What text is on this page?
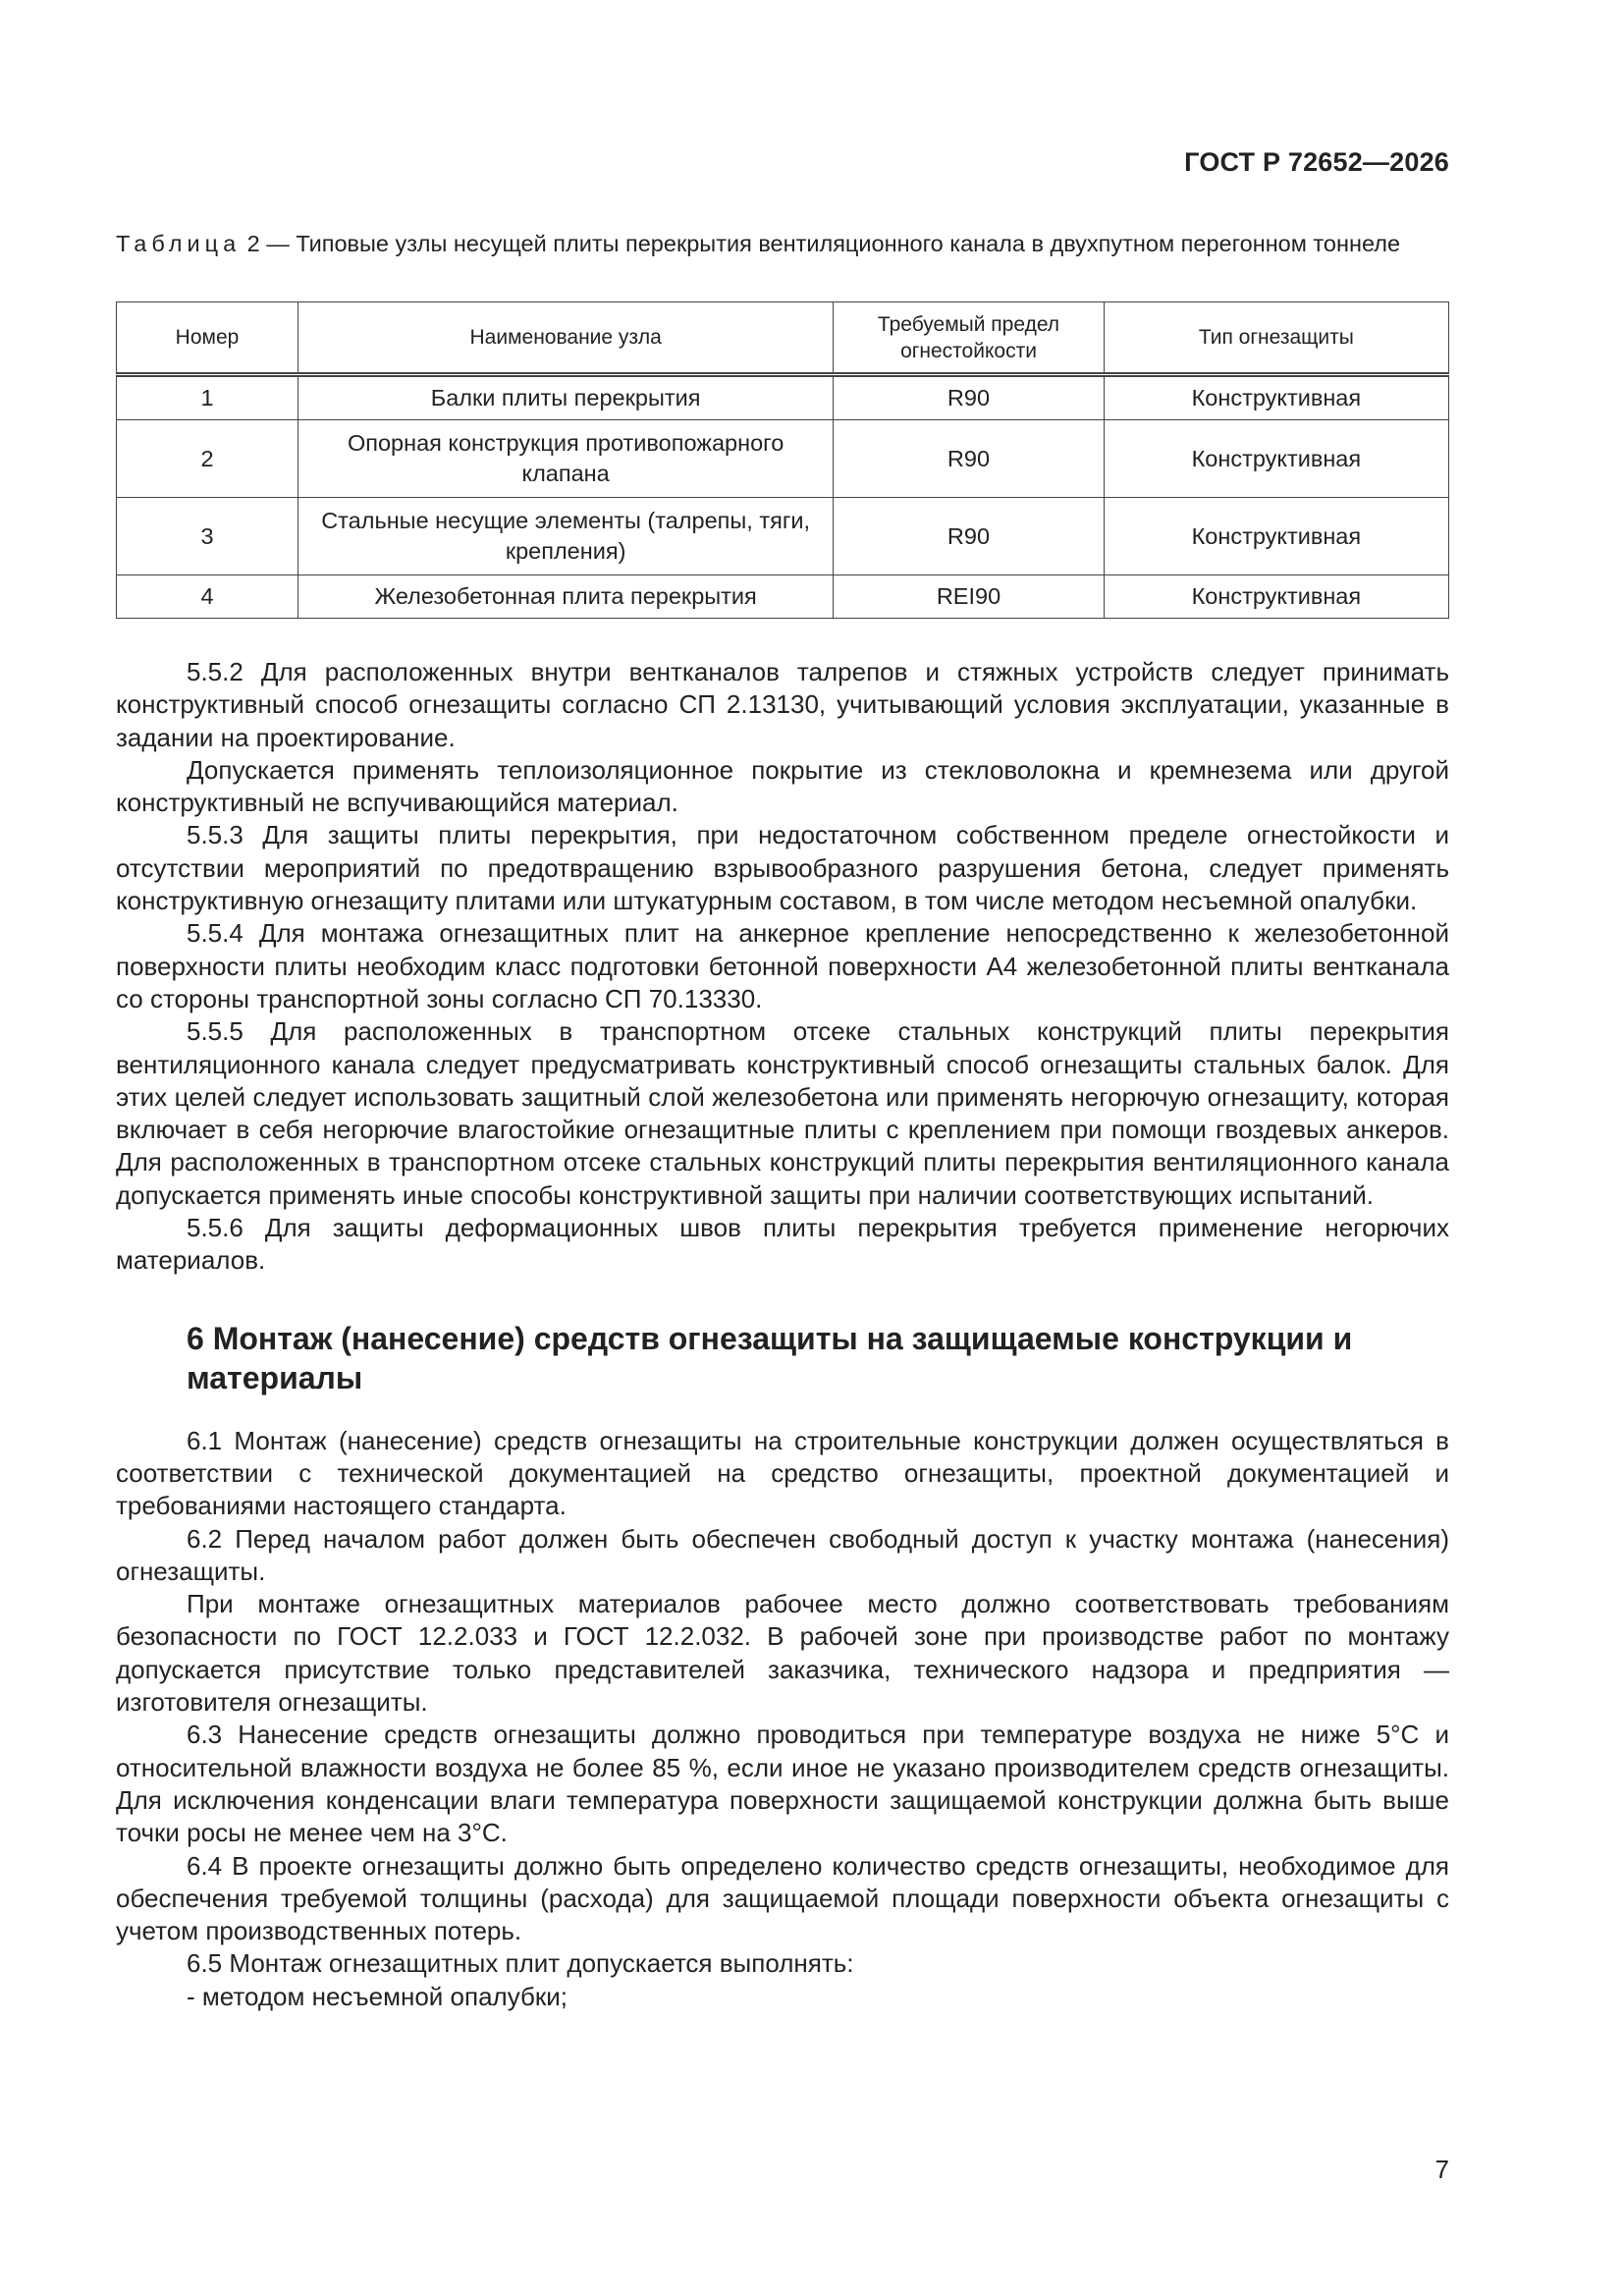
ГОСТ Р 72652—2026
Таблица 2 — Типовые узлы несущей плиты перекрытия вентиляционного канала в двухпутном перегонном тоннеле
Номер	Наименование узла	Требуемый предел огнестойкости	Тип огнезащиты
1	Балки плиты перекрытия	R90	Конструктивная
2	Опорная конструкция противопожарного клапана	R90	Конструктивная
3	Стальные несущие элементы (талрепы, тяги, крепления)	R90	Конструктивная
4	Железобетонная плита перекрытия	REI90	Конструктивная

5.5.2 Для расположенных внутри вентканалов талрепов и стяжных устройств следует принимать конструктивный способ огнезащиты согласно СП 2.13130, учитывающий условия эксплуатации, указанные в задании на проектирование.

Допускается применять теплоизоляционное покрытие из стекловолокна и кремнезема или другой конструктивный не вспучивающийся материал.

5.5.3 Для защиты плиты перекрытия, при недостаточном собственном пределе огнестойкости и отсутствии мероприятий по предотвращению взрывообразного разрушения бетона, следует применять конструктивную огнезащиту плитами или штукатурным составом, в том числе методом несъемной опалубки.

5.5.4 Для монтажа огнезащитных плит на анкерное крепление непосредственно к железобетонной поверхности плиты необходим класс подготовки бетонной поверхности А4 железобетонной плиты вентканала со стороны транспортной зоны согласно СП 70.13330.

5.5.5 Для расположенных в транспортном отсеке стальных конструкций плиты перекрытия вентиляционного канала следует предусматривать конструктивный способ огнезащиты стальных балок. Для этих целей следует использовать защитный слой железобетона или применять негорючую огнезащиту, которая включает в себя негорючие влагостойкие огнезащитные плиты с креплением при помощи гвоздевых анкеров. Для расположенных в транспортном отсеке стальных конструкций плиты перекрытия вентиляционного канала допускается применять иные способы конструктивной защиты при наличии соответствующих испытаний.

5.5.6 Для защиты деформационных швов плиты перекрытия требуется применение негорючих материалов.

6 Монтаж (нанесение) средств огнезащиты на защищаемые конструкции и материалы

6.1 Монтаж (нанесение) средств огнезащиты на строительные конструкции должен осуществляться в соответствии с технической документацией на средство огнезащиты, проектной документацией и требованиями настоящего стандарта.

6.2 Перед началом работ должен быть обеспечен свободный доступ к участку монтажа (нанесения) огнезащиты.

При монтаже огнезащитных материалов рабочее место должно соответствовать требованиям безопасности по ГОСТ 12.2.033 и ГОСТ 12.2.032. В рабочей зоне при производстве работ по монтажу допускается присутствие только представителей заказчика, технического надзора и предприятия — изготовителя огнезащиты.

6.3 Нанесение средств огнезащиты должно проводиться при температуре воздуха не ниже 5°С и относительной влажности воздуха не более 85 %, если иное не указано производителем средств огнезащиты. Для исключения конденсации влаги температура поверхности защищаемой конструкции должна быть выше точки росы не менее чем на 3°С.

6.4 В проекте огнезащиты должно быть определено количество средств огнезащиты, необходимое для обеспечения требуемой толщины (расхода) для защищаемой площади поверхности объекта огнезащиты с учетом производственных потерь.

6.5 Монтаж огнезащитных плит допускается выполнять:

- методом несъемной опалубки;

7
